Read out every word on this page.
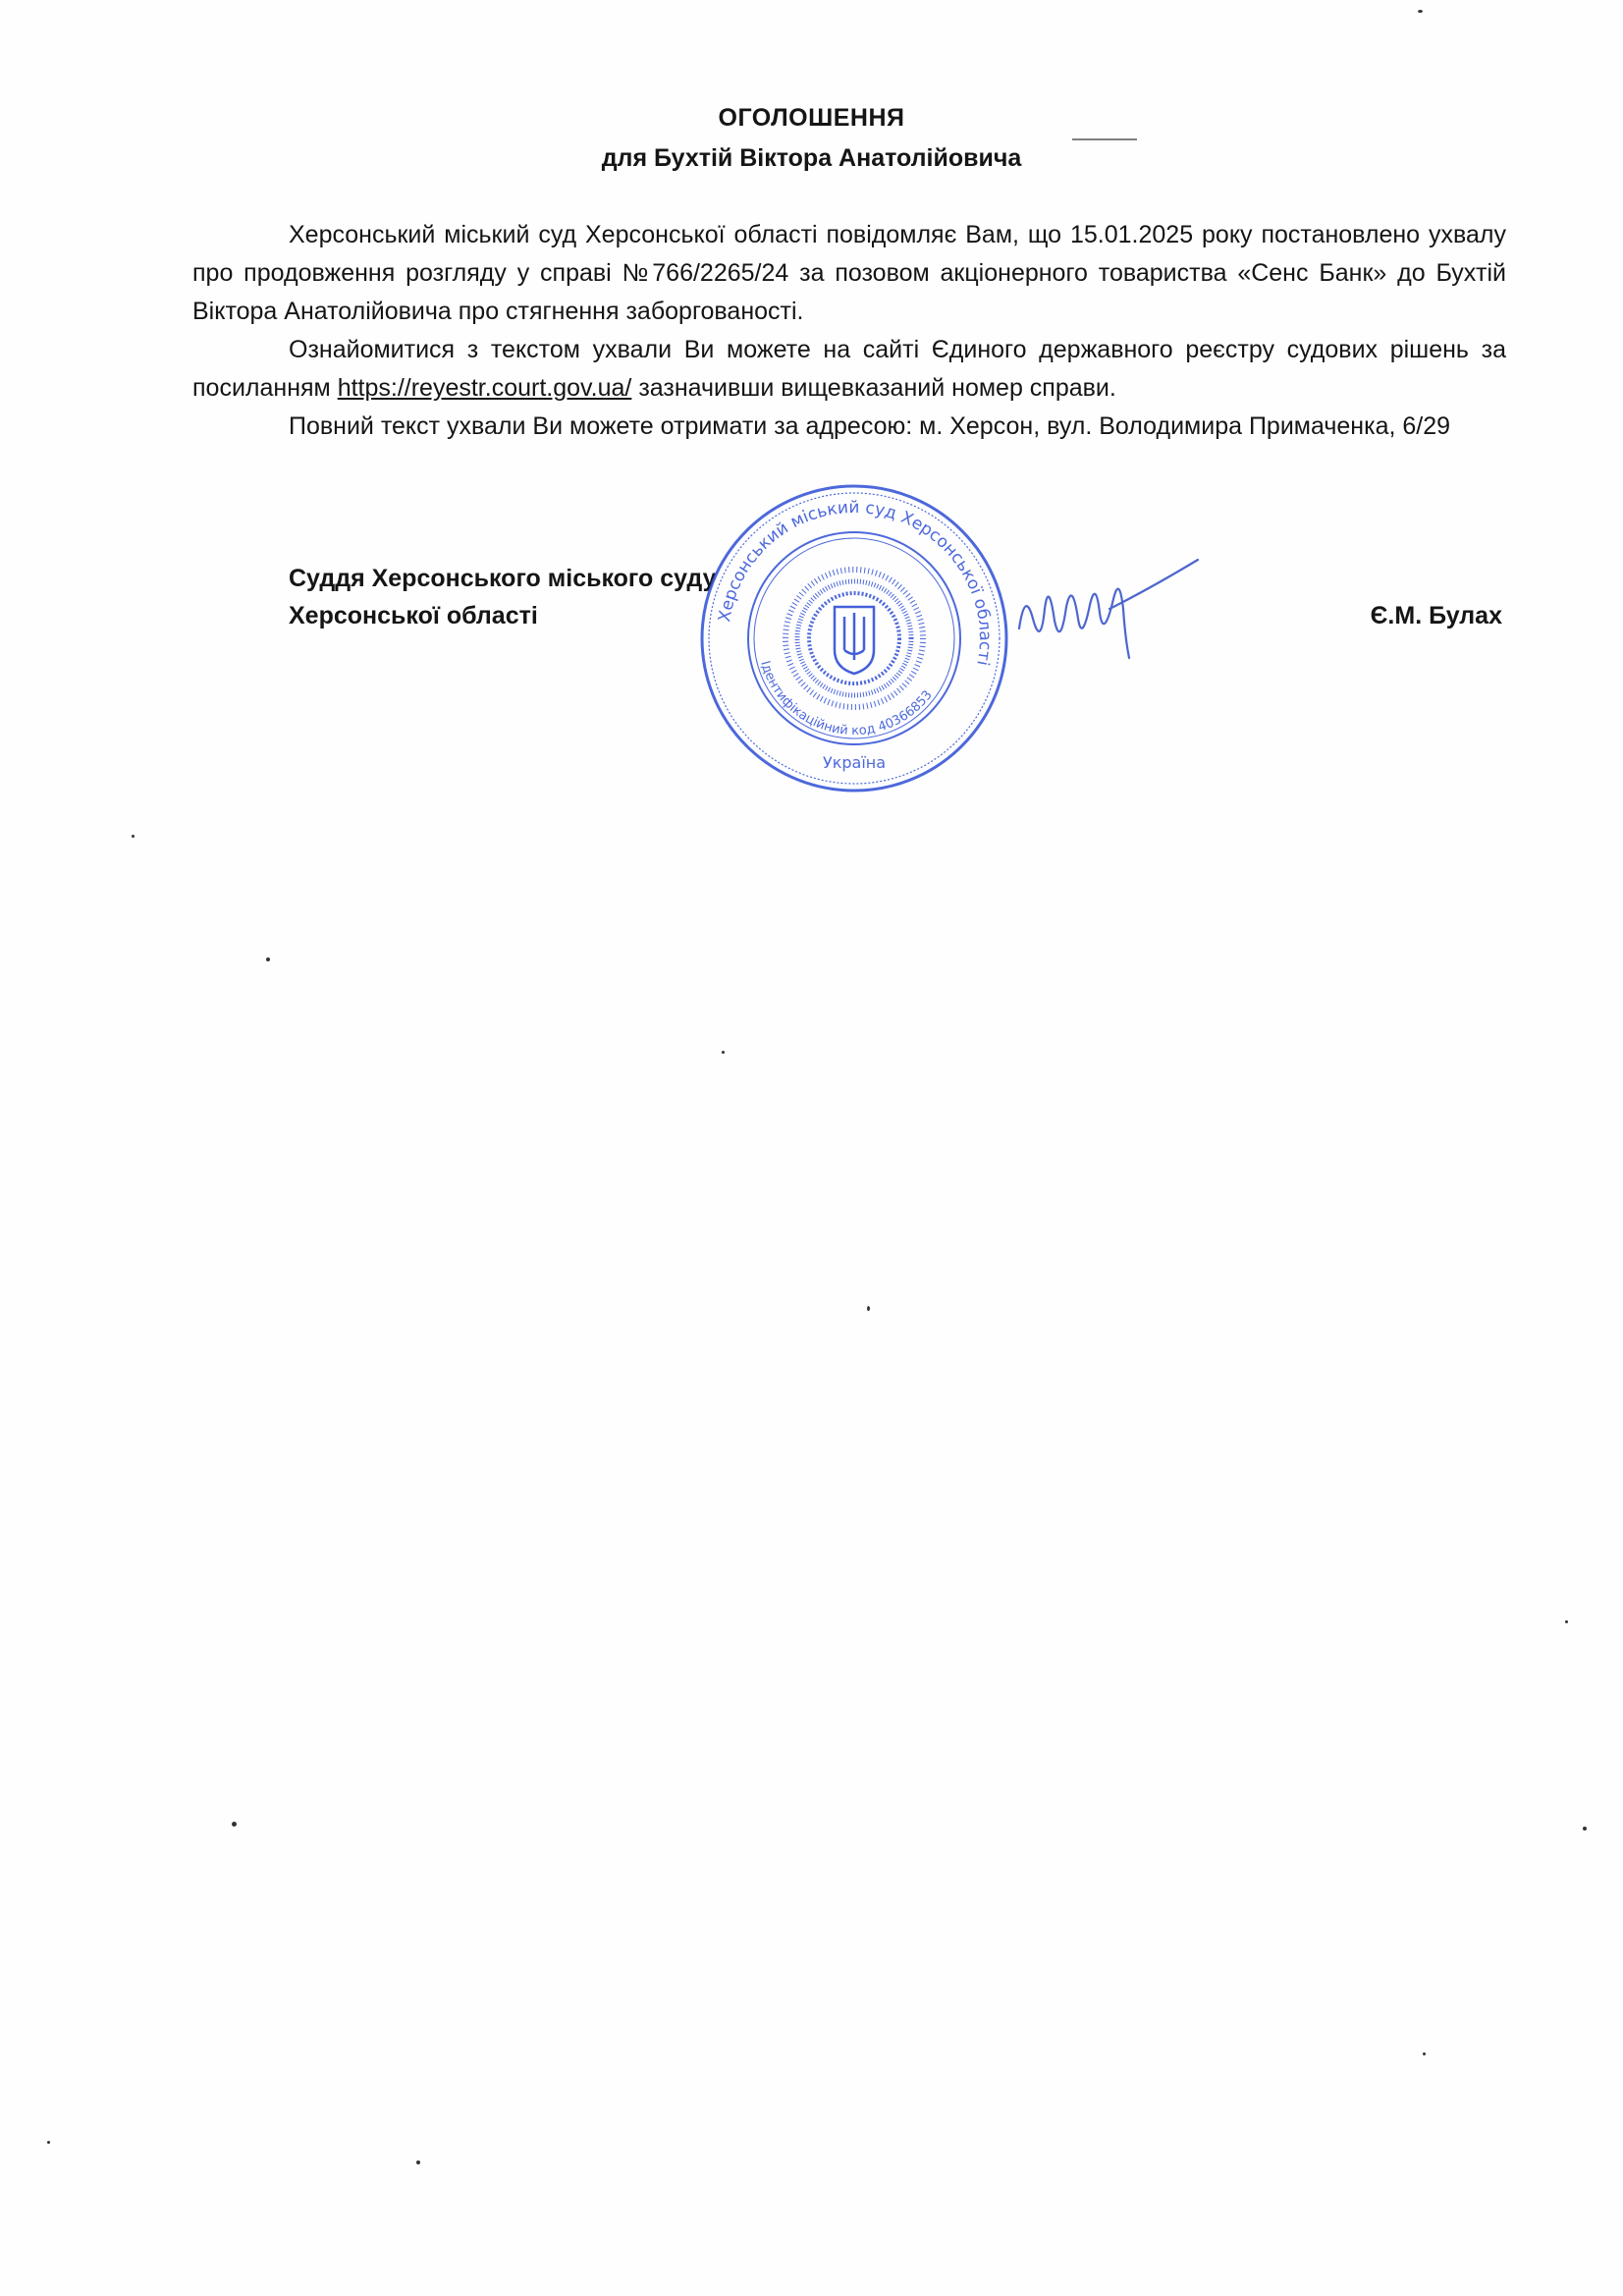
ОГОЛОШЕННЯ
для Бухтій Віктора Анатолійовича

Херсонський міський суд Херсонської області повідомляє Вам, що 15.01.2025 року постановлено ухвалу про продовження розгляду у справі №766/2265/24 за позовом акціонерного товариства «Сенс Банк» до Бухтій Віктора Анатолійовича про стягнення заборгованості.

Ознайомитися з текстом ухвали Ви можете на сайті Єдиного державного реєстру судових рішень за посиланням https://reyestr.court.gov.ua/ зазначивши вищевказаний номер справи.

Повний текст ухвали Ви можете отримати за адресою: м. Херсон, вул. Володимира Примаченка, 6/29

Суддя Херсонського міського суду
Херсонської області	Є.М. Булах
Херсонський міський суд Херсонської області
Ідентифікаційний код 40366853
Україна
